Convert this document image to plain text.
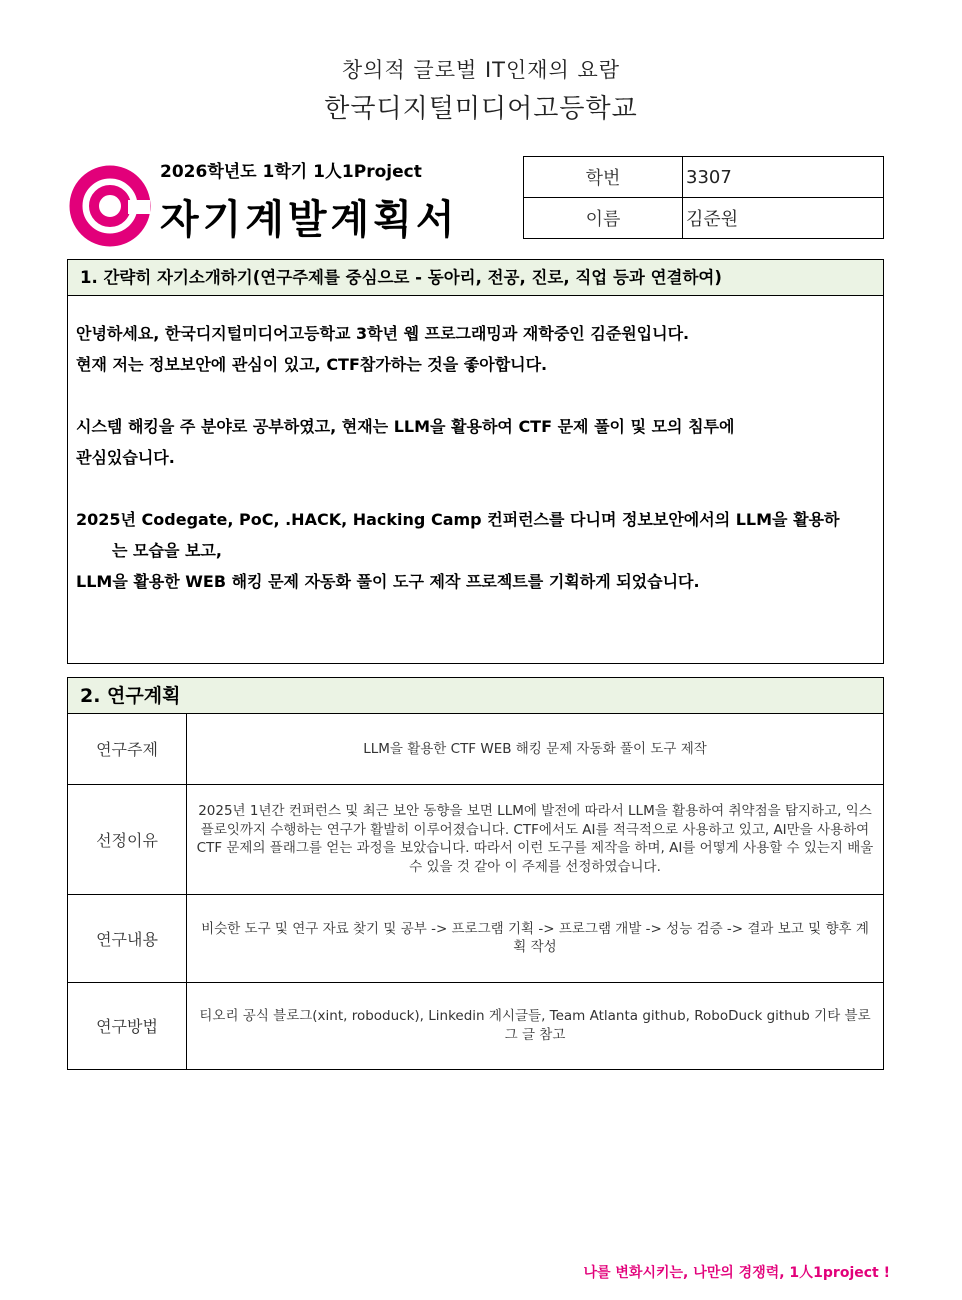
창의적 글로벌 IT인재의 요람
한국디지털미디어고등학교
2026학년도 1학기 1人1Project
자기계발계획서
학번	3307
이름	김준원
1. 간략히 자기소개하기(연구주제를 중심으로 - 동아리, 전공, 진로, 직업 등과 연결하여)

안녕하세요, 한국디지털미디어고등학교 3학년 웹 프로그래밍과 재학중인 김준원입니다.

현재 저는 정보보안에 관심이 있고, CTF참가하는 것을 좋아합니다.

시스템 해킹을 주 분야로 공부하였고, 현재는 LLM을 활용하여 CTF 문제 풀이 및 모의 침투에

관심있습니다.

2025년 Codegate, PoC, .HACK, Hacking Camp 컨퍼런스를 다니며 정보보안에서의 LLM을 활용하

는 모습을 보고,

LLM을 활용한 WEB 해킹 문제 자동화 풀이 도구 제작 프로젝트를 기획하게 되었습니다.

2. 연구계획
연구주제	LLM을 활용한 CTF WEB 해킹 문제 자동화 풀이 도구 제작
선정이유	2025년 1년간 컨퍼런스 및 최근 보안 동향을 보면 LLM에 발전에 따라서 LLM을 활용하여 취약점을 탐지하고, 익스플로잇까지 수행하는 연구가 활발히 이루어졌습니다. CTF에서도 AI를 적극적으로 사용하고 있고, AI만을 사용하여 CTF 문제의 플래그를 얻는 과정을 보았습니다. 따라서 이런 도구를 제작을 하며, AI를 어떻게 사용할 수 있는지 배울 수 있을 것 같아 이 주제를 선정하였습니다.
연구내용	비슷한 도구 및 연구 자료 찾기 및 공부 -> 프로그램 기획 -> 프로그램 개발 -> 성능 검증 -> 결과 보고 및 향후 계획 작성
연구방법	티오리 공식 블로그(xint, roboduck), Linkedin 게시글들, Team Atlanta github, RoboDuck github 기타 블로그 글 참고
나를 변화시키는, 나만의 경쟁력, 1人1project !
